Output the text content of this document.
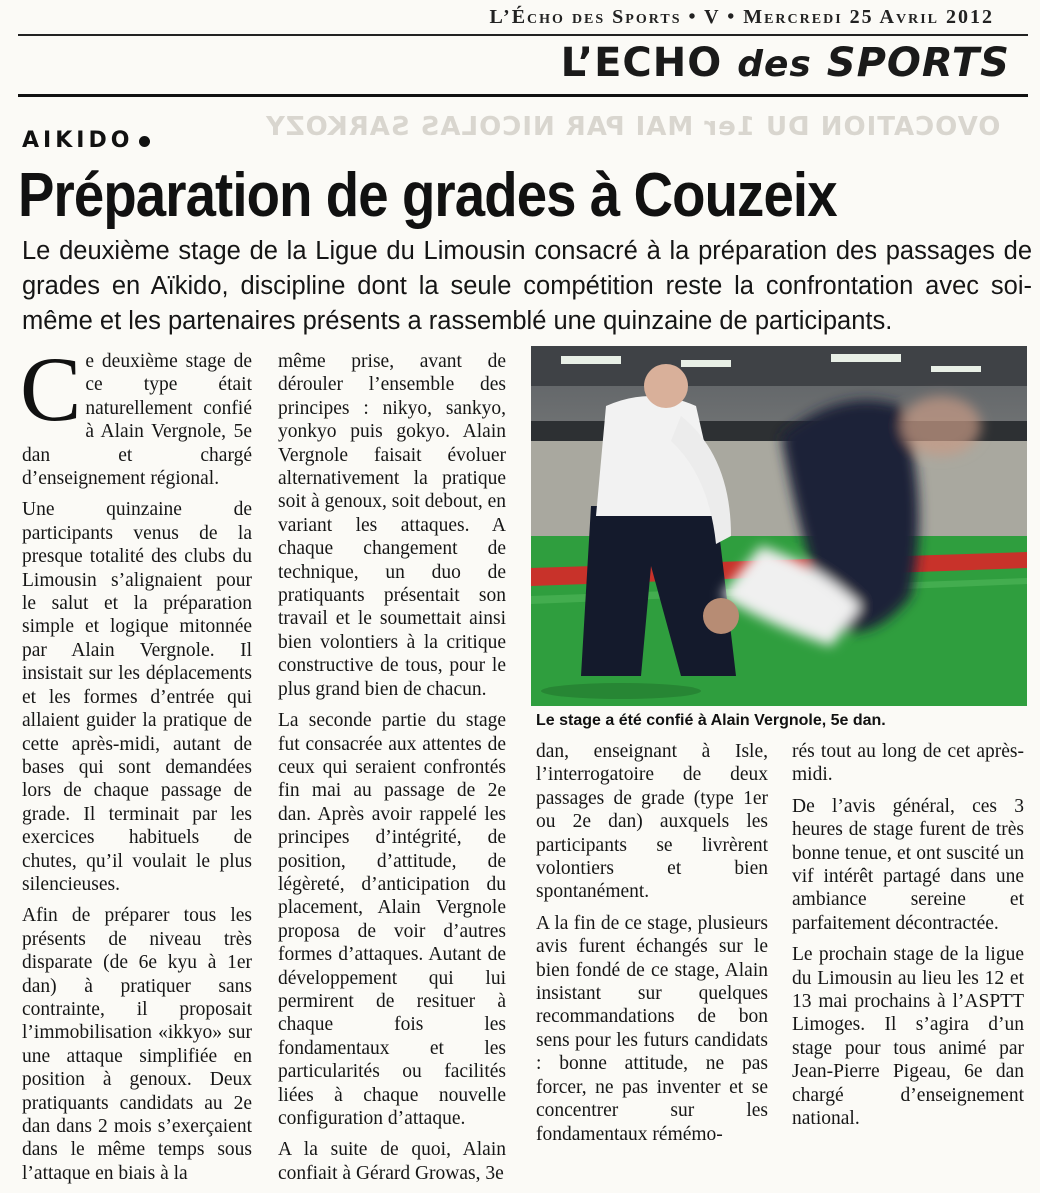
L’Écho des Sports • V • Mercredi 25 Avril 2012
L’ECHO des SPORTS
OVOCATION DU 1er MAI PAR NICOLAS SARKOZY
AIKIDO
Préparation de grades à Couzeix
Le deuxième stage de la Ligue du Limousin consacré à la préparation des passages de grades en Aïkido, discipline dont la seule compétition reste la confrontation avec soi-même et les partenaires présents a rassemblé une quinzaine de participants.

Ce deuxième stage de ce type était naturellement confié à Alain Vergnole, 5e dan et chargé d’enseignement régional.

Une quinzaine de participants venus de la presque totalité des clubs du Limousin s’alignaient pour le salut et la préparation simple et logique mitonnée par Alain Vergnole. Il insistait sur les déplacements et les formes d’entrée qui allaient guider la pratique de cette après-midi, autant de bases qui sont demandées lors de chaque passage de grade. Il terminait par les exercices habituels de chutes, qu’il voulait le plus silencieuses.

Afin de préparer tous les présents de niveau très disparate (de 6e kyu à 1er dan) à pratiquer sans contrainte, il proposait l’immobilisation «ikkyo» sur une attaque simplifiée en position à genoux. Deux pratiquants candidats au 2e dan dans 2 mois s’exerçaient dans le même temps sous l’attaque en biais à la

même prise, avant de dérouler l’ensemble des principes : nikyo, sankyo, yonkyo puis gokyo. Alain Vergnole faisait évoluer alternativement la pratique soit à genoux, soit debout, en variant les attaques. A chaque changement de technique, un duo de pratiquants présentait son travail et le soumettait ainsi bien volontiers à la critique constructive de tous, pour le plus grand bien de chacun.

La seconde partie du stage fut consacrée aux attentes de ceux qui seraient confrontés fin mai au passage de 2e dan. Après avoir rappelé les principes d’intégrité, de position, d’attitude, de légèreté, d’anticipation du placement, Alain Vergnole proposa de voir d’autres formes d’attaques. Autant de développement qui lui permirent de resituer à chaque fois les fondamentaux et les particularités ou facilités liées à chaque nouvelle configuration d’attaque.

A la suite de quoi, Alain confiait à Gérard Growas, 3e

Le stage a été confié à Alain Vergnole, 5e dan.

dan, enseignant à Isle, l’interrogatoire de deux passages de grade (type 1er ou 2e dan) auxquels les participants se livrèrent volontiers et bien spontanément.

A la fin de ce stage, plusieurs avis furent échangés sur le bien fondé de ce stage, Alain insistant sur quelques recommandations de bon sens pour les futurs candidats : bonne attitude, ne pas forcer, ne pas inventer et se concentrer sur les fondamentaux rémémo-

rés tout au long de cet après-midi.

De l’avis général, ces 3 heures de stage furent de très bonne tenue, et ont suscité un vif intérêt partagé dans une ambiance sereine et parfaitement décontractée.

Le prochain stage de la ligue du Limousin au lieu les 12 et 13 mai prochains à l’ASPTT Limoges. Il s’agira d’un stage pour tous animé par Jean-Pierre Pigeau, 6e dan chargé d’enseignement national.
